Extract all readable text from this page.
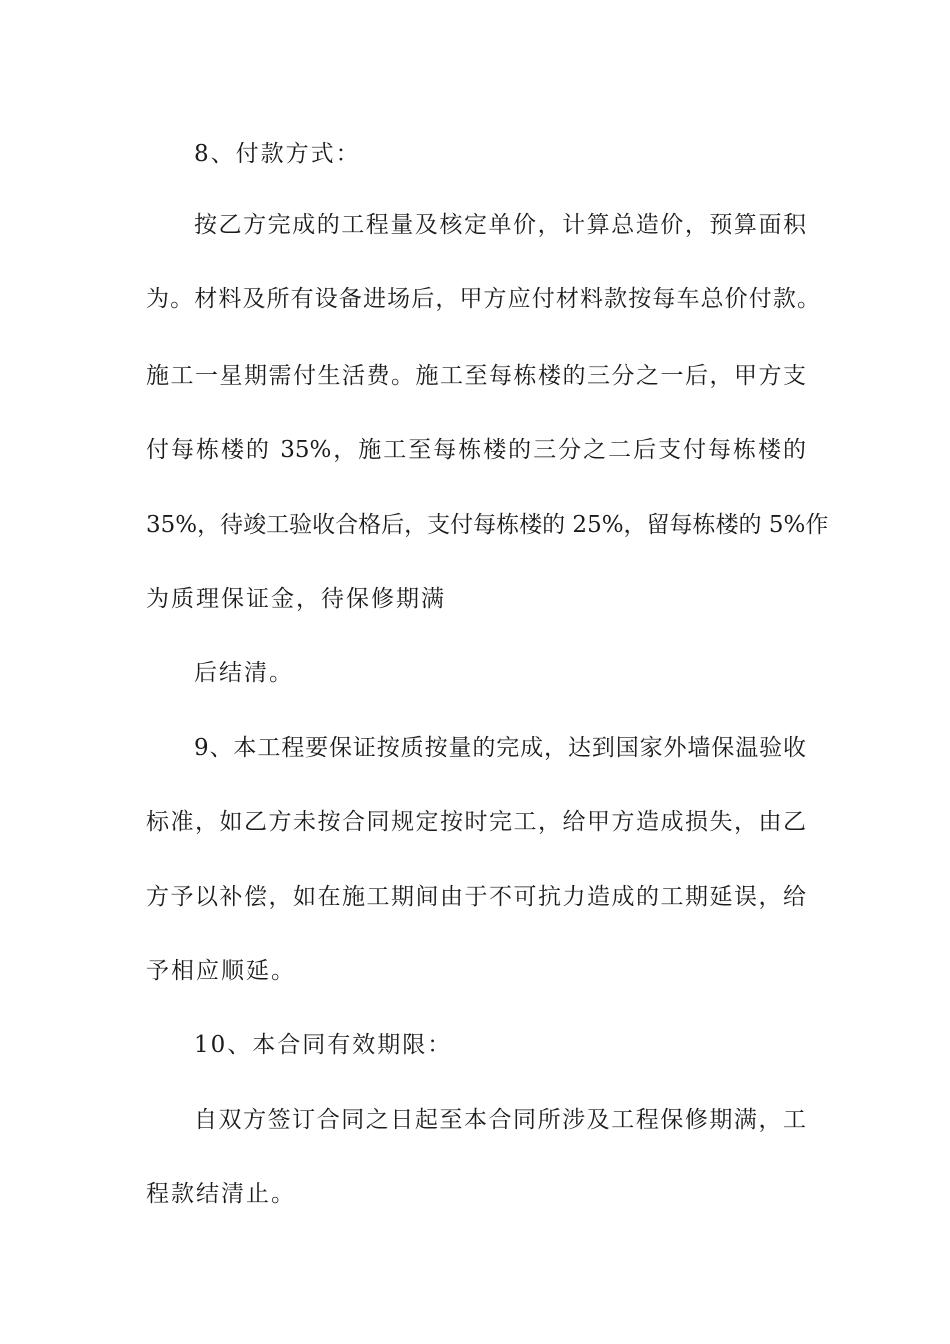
8、付款方式：
按乙方完成的工程量及核定单价，计算总造价，预算面积
为。材料及所有设备进场后，甲方应付材料款按每车总价付款。
施工一星期需付生活费。施工至每栋楼的三分之一后，甲方支
付每栋楼的 35%，施工至每栋楼的三分之二后支付每栋楼的
35%，待竣工验收合格后，支付每栋楼的 25%，留每栋楼的 5%作
为质理保证金，待保修期满
后结清。
9、本工程要保证按质按量的完成，达到国家外墙保温验收
标准，如乙方未按合同规定按时完工，给甲方造成损失，由乙
方予以补偿，如在施工期间由于不可抗力造成的工期延误，给
予相应顺延。
10、本合同有效期限：
自双方签订合同之日起至本合同所涉及工程保修期满，工
程款结清止。
